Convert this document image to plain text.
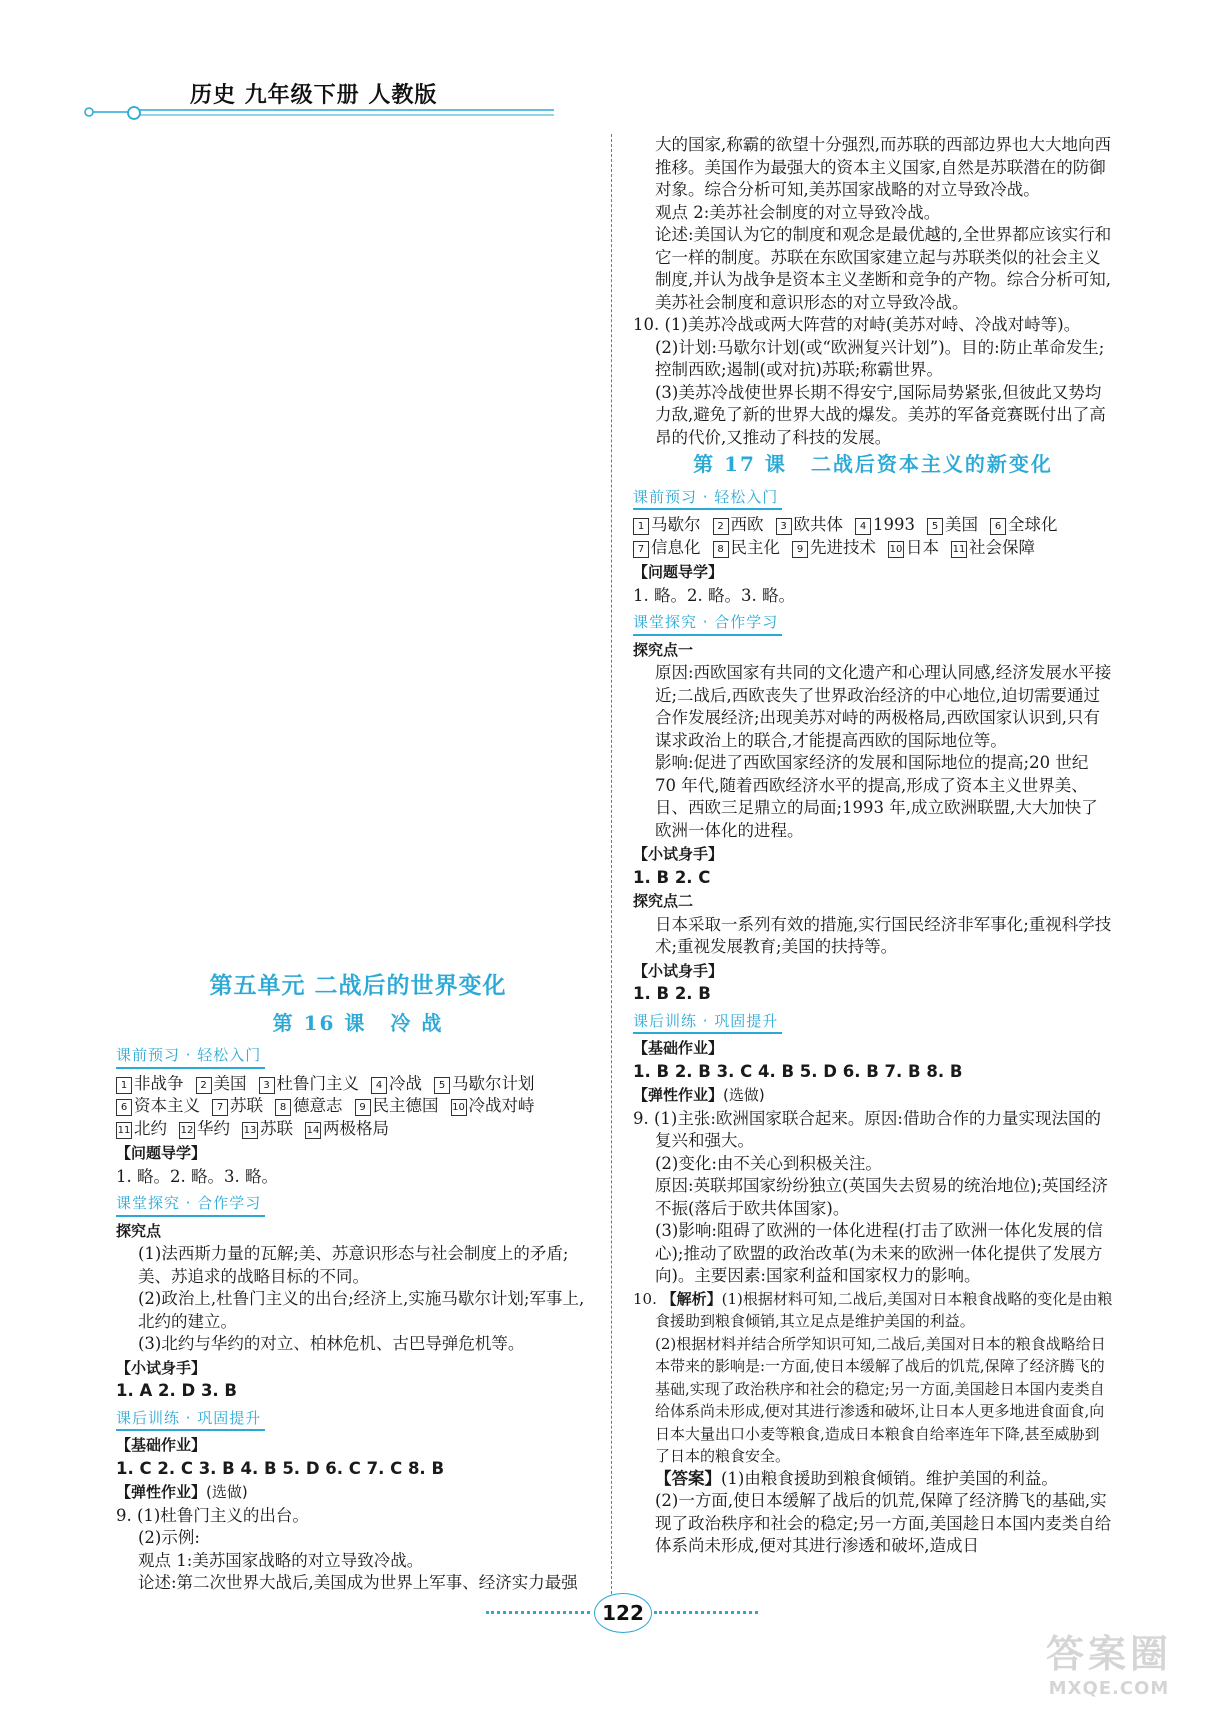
历史 九年级下册 人教版
第五单元 二战后的世界变化
第 16 课 冷 战
课前预习 · 轻松入门
1 非战争 2 美国 3 杜鲁门主义 4 冷战 5 马歇尔计划6 资本主义 7 苏联 8 德意志 9 民主德国 10 冷战对峙11 北约 12 华约 13 苏联 14 两极格局
【问题导学】

1. 略。2. 略。3. 略。

课堂探究 · 合作学习
探究点

(1)法西斯力量的瓦解;美、苏意识形态与社会制度上的矛盾;美、苏追求的战略目标的不同。

(2)政治上,杜鲁门主义的出台;经济上,实施马歇尔计划;军事上,北约的建立。

(3)北约与华约的对立、柏林危机、古巴导弹危机等。

【小试身手】

1. A 2. D 3. B

课后训练 · 巩固提升
【基础作业】

1. C 2. C 3. B 4. B 5. D 6. C 7. C 8. B

【弹性作业】(选做)

9. (1)杜鲁门主义的出台。

(2)示例:

观点 1:美苏国家战略的对立导致冷战。

论述:第二次世界大战后,美国成为世界上军事、经济实力最强

大的国家,称霸的欲望十分强烈,而苏联的西部边界也大大地向西推移。美国作为最强大的资本主义国家,自然是苏联潜在的防御对象。综合分析可知,美苏国家战略的对立导致冷战。

观点 2:美苏社会制度的对立导致冷战。

论述:美国认为它的制度和观念是最优越的,全世界都应该实行和它一样的制度。苏联在东欧国家建立起与苏联类似的社会主义制度,并认为战争是资本主义垄断和竞争的产物。综合分析可知,美苏社会制度和意识形态的对立导致冷战。

10. (1)美苏冷战或两大阵营的对峙(美苏对峙、冷战对峙等)。

(2)计划:马歇尔计划(或“欧洲复兴计划”)。目的:防止革命发生;控制西欧;遏制(或对抗)苏联;称霸世界。

(3)美苏冷战使世界长期不得安宁,国际局势紧张,但彼此又势均力敌,避免了新的世界大战的爆发。美苏的军备竞赛既付出了高昂的代价,又推动了科技的发展。

第 17 课 二战后资本主义的新变化
课前预习 · 轻松入门
1 马歇尔 2 西欧 3 欧共体 4 1993 5 美国 6 全球化7 信息化 8 民主化 9 先进技术 10 日本 11 社会保障
【问题导学】

1. 略。2. 略。3. 略。

课堂探究 · 合作学习
探究点一

原因:西欧国家有共同的文化遗产和心理认同感,经济发展水平接近;二战后,西欧丧失了世界政治经济的中心地位,迫切需要通过合作发展经济;出现美苏对峙的两极格局,西欧国家认识到,只有谋求政治上的联合,才能提高西欧的国际地位等。

影响:促进了西欧国家经济的发展和国际地位的提高;20 世纪 70 年代,随着西欧经济水平的提高,形成了资本主义世界美、日、西欧三足鼎立的局面;1993 年,成立欧洲联盟,大大加快了欧洲一体化的进程。

【小试身手】

1. B 2. C

探究点二

日本采取一系列有效的措施,实行国民经济非军事化;重视科学技术;重视发展教育;美国的扶持等。

【小试身手】

1. B 2. B

课后训练 · 巩固提升
【基础作业】

1. B 2. B 3. C 4. B 5. D 6. B 7. B 8. B

【弹性作业】(选做)

9. (1)主张:欧洲国家联合起来。原因:借助合作的力量实现法国的复兴和强大。

(2)变化:由不关心到积极关注。

原因:英联邦国家纷纷独立(英国失去贸易的统治地位);英国经济不振(落后于欧共体国家)。

(3)影响:阻碍了欧洲的一体化进程(打击了欧洲一体化发展的信心);推动了欧盟的政治改革(为未来的欧洲一体化提供了发展方向)。主要因素:国家利益和国家权力的影响。

10. 【解析】(1)根据材料可知,二战后,美国对日本粮食战略的变化是由粮食援助到粮食倾销,其立足点是维护美国的利益。

(2)根据材料并结合所学知识可知,二战后,美国对日本的粮食战略给日本带来的影响是:一方面,使日本缓解了战后的饥荒,保障了经济腾飞的基础,实现了政治秩序和社会的稳定;另一方面,美国趁日本国内麦类自给体系尚未形成,便对其进行渗透和破坏,让日本人更多地进食面食,向日本大量出口小麦等粮食,造成日本粮食自给率连年下降,甚至威胁到了日本的粮食安全。

【答案】(1)由粮食援助到粮食倾销。维护美国的利益。

(2)一方面,使日本缓解了战后的饥荒,保障了经济腾飞的基础,实现了政治秩序和社会的稳定;另一方面,美国趁日本国内麦类自给体系尚未形成,便对其进行渗透和破坏,造成日

122
答案圈
MXQE.COM
